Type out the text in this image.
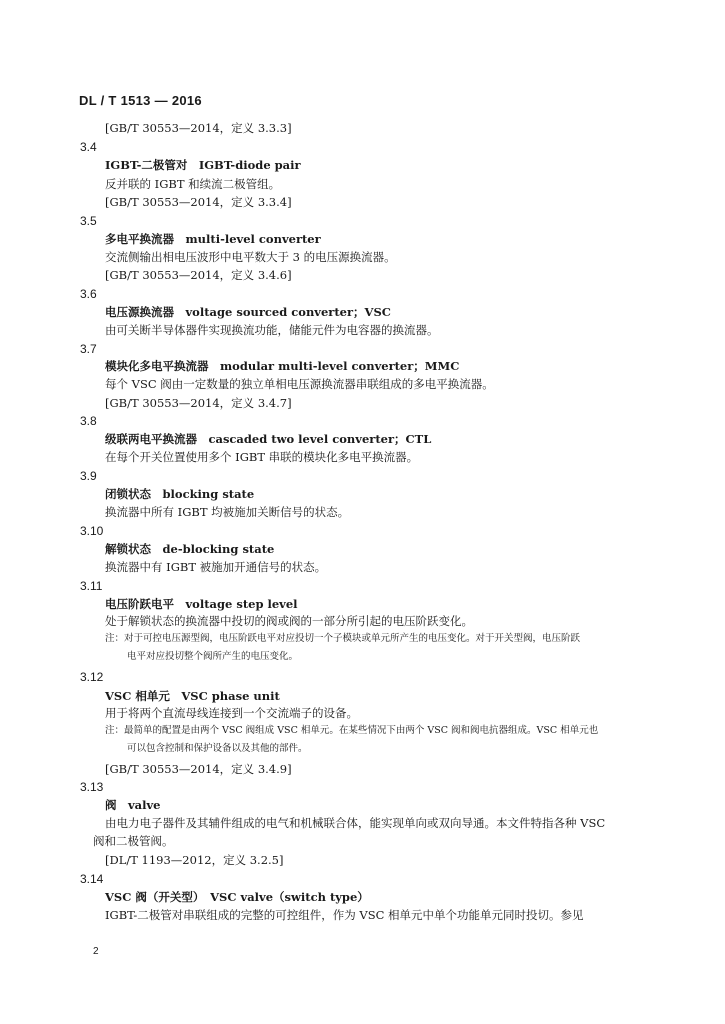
DL / T 1513 — 2016
[GB/T 30553—2014，定义 3.3.3]
3.4
IGBT-二极管对　IGBT-diode pair
反并联的 IGBT 和续流二极管组。
[GB/T 30553—2014，定义 3.3.4]
3.5
多电平换流器　multi-level converter
交流侧输出相电压波形中电平数大于 3 的电压源换流器。
[GB/T 30553—2014，定义 3.4.6]
3.6
电压源换流器　voltage sourced converter；VSC
由可关断半导体器件实现换流功能，储能元件为电容器的换流器。
3.7
模块化多电平换流器　modular multi-level converter；MMC
每个 VSC 阀由一定数量的独立单相电压源换流器串联组成的多电平换流器。
[GB/T 30553—2014，定义 3.4.7]
3.8
级联两电平换流器　cascaded two level converter；CTL
在每个开关位置使用多个 IGBT 串联的模块化多电平换流器。
3.9
闭锁状态　blocking state
换流器中所有 IGBT 均被施加关断信号的状态。
3.10
解锁状态　de-blocking state
换流器中有 IGBT 被施加开通信号的状态。
3.11
电压阶跃电平　voltage step level
处于解锁状态的换流器中投切的阀或阀的一部分所引起的电压阶跃变化。
注：对于可控电压源型阀，电压阶跃电平对应投切一个子模块或单元所产生的电压变化。对于开关型阀，电压阶跃
电平对应投切整个阀所产生的电压变化。
3.12
VSC 相单元　VSC phase unit
用于将两个直流母线连接到一个交流端子的设备。
注：最简单的配置是由两个 VSC 阀组成 VSC 相单元。在某些情况下由两个 VSC 阀和阀电抗器组成。VSC 相单元也
可以包含控制和保护设备以及其他的部件。
[GB/T 30553—2014，定义 3.4.9]
3.13
阀　valve
由电力电子器件及其辅件组成的电气和机械联合体，能实现单向或双向导通。本文件特指各种 VSC
阀和二极管阀。
[DL/T 1193—2012，定义 3.2.5]
3.14
VSC 阀（开关型）　VSC valve（switch type）
IGBT-二极管对串联组成的完整的可控组件，作为 VSC 相单元中单个功能单元同时投切。参见
2
